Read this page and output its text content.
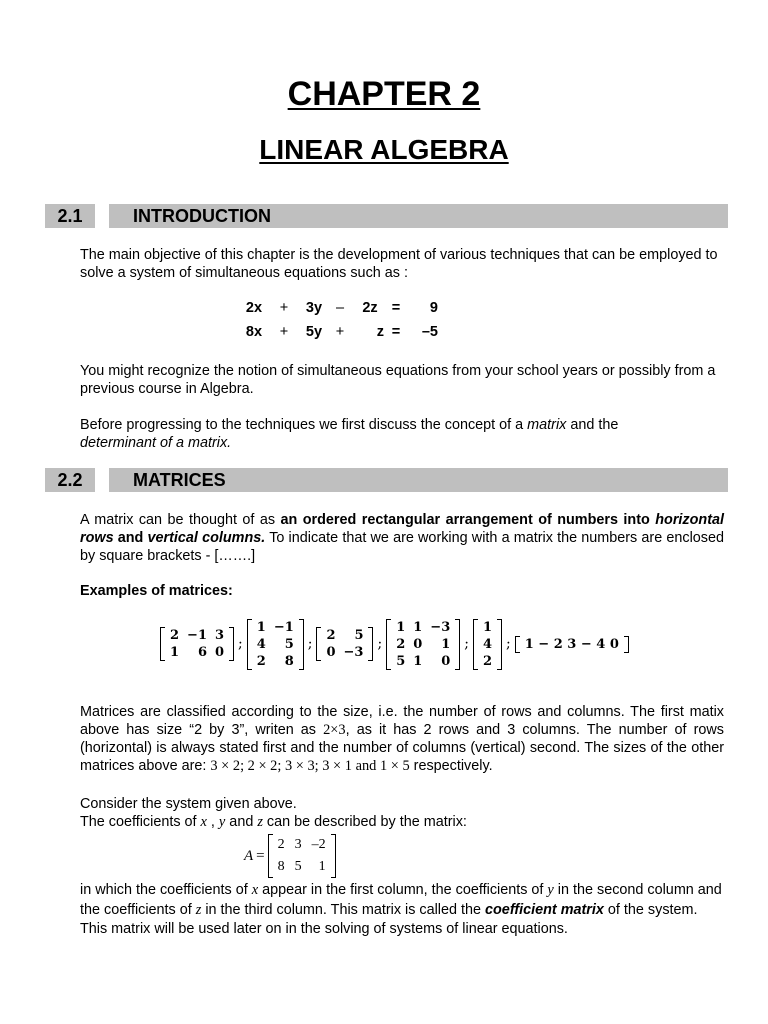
CHAPTER 2
LINEAR ALGEBRA
2.1	INTRODUCTION
The main objective of this chapter is the development of various techniques that can be employed to solve a system of simultaneous equations such as :
2x	+	3y –	2z =	9
8x	+	5y +	z =	–5
You might recognize the notion of simultaneous equations from your school years or possibly from a previous course in Algebra.
Before progressing to the techniques we first discuss the concept of a matrix and the
determinant of a matrix.
2.2	MATRICES
A matrix can be thought of as an ordered rectangular arrangement of numbers into horizontal rows and vertical columns. To indicate that we are working with a matrix the numbers are enclosed by square brackets - […….]
Examples of matrices:
2	−1	3
1	6	0
;
1	−1
4	5
2	8
;
2	5
0	−3
;
1	1	−3
2	0	1
5	1	0
;
1
4
2
;	1 − 2 3 − 4 0
Matrices are classified according to the size, i.e. the number of rows and columns. The first matix above has size “2 by 3”, writen as 2×3, as it has 2 rows and 3 columns. The number of rows (horizontal) is always stated first and the number of columns (vertical) second. The sizes of the other matrices above are: 3 × 2; 2 × 2; 3 × 3; 3 × 1 and 1 × 5 respectively.
Consider the system given above.
The coefficients of x , y and z can be described by the matrix:
A =
2	3	–2
8	5	1
in which the coefficients of x appear in the first column, the coefficients of y in the second column and the coefficients of z in the third column. This matrix is called the coefficient matrix of the system. This matrix will be used later on in the solving of systems of linear equations.
